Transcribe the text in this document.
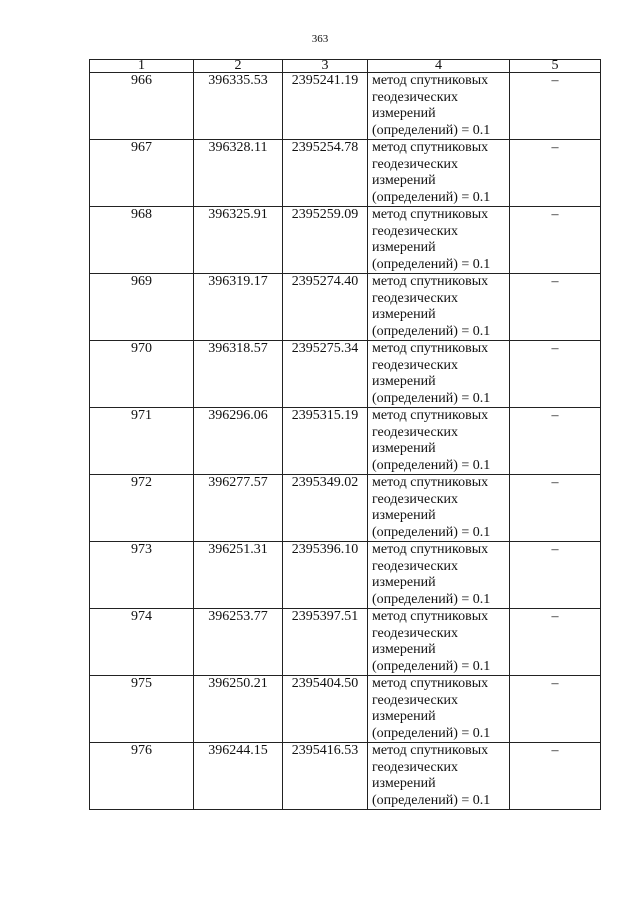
363
1	2	3	4	5
966	396335.53	2395241.19	метод спутниковых геодезических измерений (определений) = 0.1	–
967	396328.11	2395254.78	метод спутниковых геодезических измерений (определений) = 0.1	–
968	396325.91	2395259.09	метод спутниковых геодезических измерений (определений) = 0.1	–
969	396319.17	2395274.40	метод спутниковых геодезических измерений (определений) = 0.1	–
970	396318.57	2395275.34	метод спутниковых геодезических измерений (определений) = 0.1	–
971	396296.06	2395315.19	метод спутниковых геодезических измерений (определений) = 0.1	–
972	396277.57	2395349.02	метод спутниковых геодезических измерений (определений) = 0.1	–
973	396251.31	2395396.10	метод спутниковых геодезических измерений (определений) = 0.1	–
974	396253.77	2395397.51	метод спутниковых геодезических измерений (определений) = 0.1	–
975	396250.21	2395404.50	метод спутниковых геодезических измерений (определений) = 0.1	–
976	396244.15	2395416.53	метод спутниковых геодезических измерений (определений) = 0.1	–
